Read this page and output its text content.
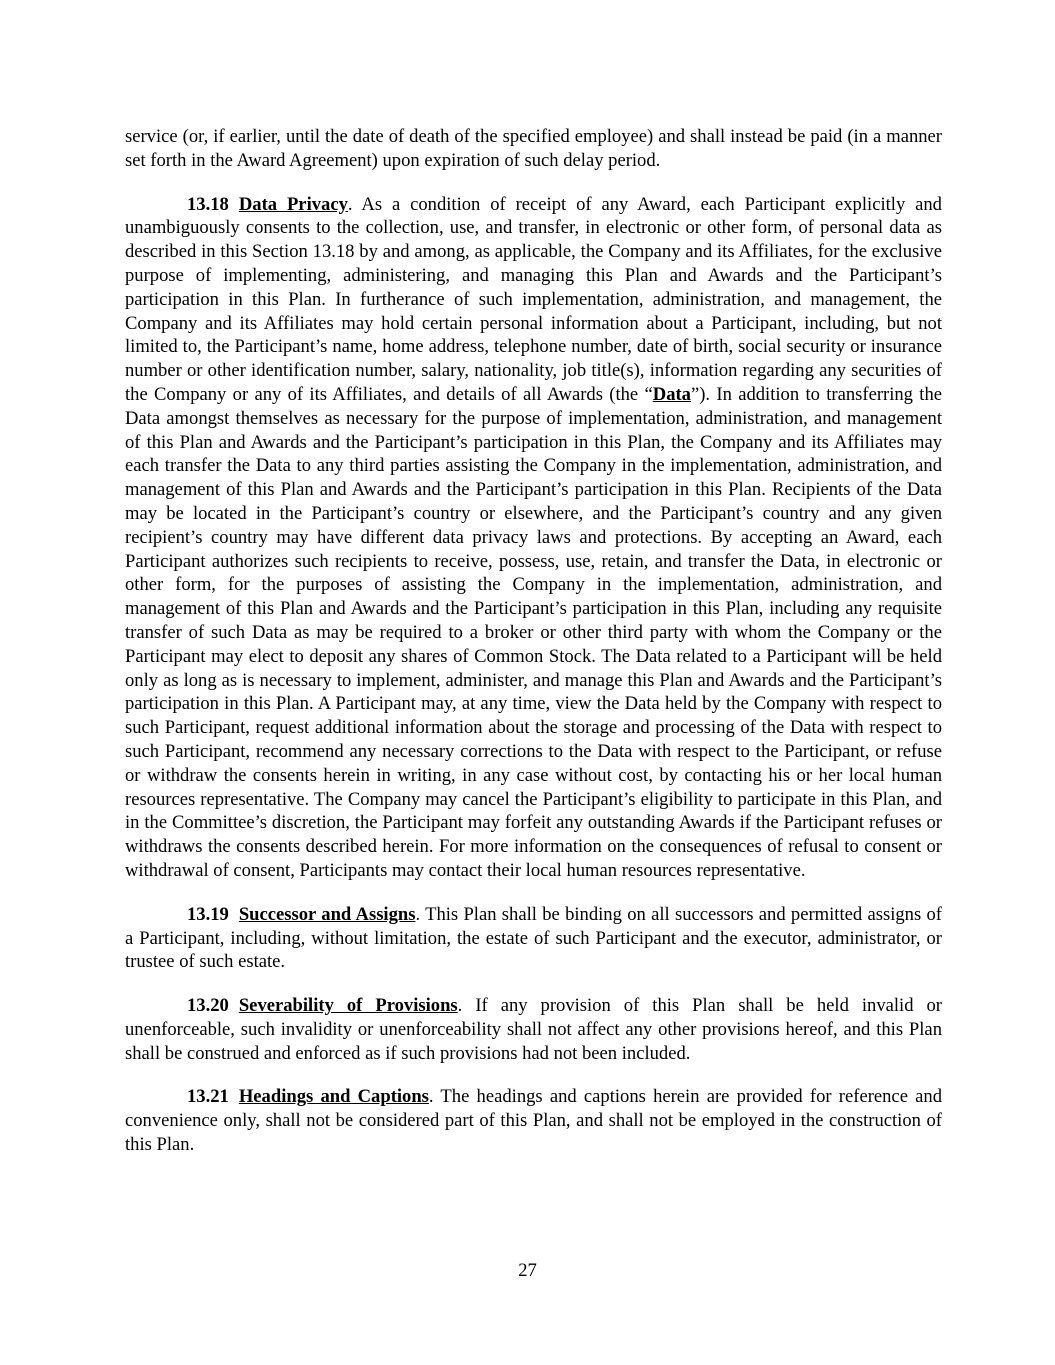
service (or, if earlier, until the date of death of the specified employee) and shall instead be paid (in a manner set forth in the Award Agreement) upon expiration of such delay period.

13.18 Data Privacy. As a condition of receipt of any Award, each Participant explicitly and unambiguously consents to the collection, use, and transfer, in electronic or other form, of personal data as described in this Section 13.18 by and among, as applicable, the Company and its Affiliates, for the exclusive purpose of implementing, administering, and managing this Plan and Awards and the Participant’s participation in this Plan. In furtherance of such implementation, administration, and management, the Company and its Affiliates may hold certain personal information about a Participant, including, but not limited to, the Participant’s name, home address, telephone number, date of birth, social security or insurance number or other identification number, salary, nationality, job title(s), information regarding any securities of the Company or any of its Affiliates, and details of all Awards (the “Data”). In addition to transferring the Data amongst themselves as necessary for the purpose of implementation, administration, and management of this Plan and Awards and the Participant’s participation in this Plan, the Company and its Affiliates may each transfer the Data to any third parties assisting the Company in the implementation, administration, and management of this Plan and Awards and the Participant’s participation in this Plan. Recipients of the Data may be located in the Participant’s country or elsewhere, and the Participant’s country and any given recipient’s country may have different data privacy laws and protections. By accepting an Award, each Participant authorizes such recipients to receive, possess, use, retain, and transfer the Data, in electronic or other form, for the purposes of assisting the Company in the implementation, administration, and management of this Plan and Awards and the Participant’s participation in this Plan, including any requisite transfer of such Data as may be required to a broker or other third party with whom the Company or the Participant may elect to deposit any shares of Common Stock. The Data related to a Participant will be held only as long as is necessary to implement, administer, and manage this Plan and Awards and the Participant’s participation in this Plan. A Participant may, at any time, view the Data held by the Company with respect to such Participant, request additional information about the storage and processing of the Data with respect to such Participant, recommend any necessary corrections to the Data with respect to the Participant, or refuse or withdraw the consents herein in writing, in any case without cost, by contacting his or her local human resources representative. The Company may cancel the Participant’s eligibility to participate in this Plan, and in the Committee’s discretion, the Participant may forfeit any outstanding Awards if the Participant refuses or withdraws the consents described herein. For more information on the consequences of refusal to consent or withdrawal of consent, Participants may contact their local human resources representative.

13.19 Successor and Assigns. This Plan shall be binding on all successors and permitted assigns of a Participant, including, without limitation, the estate of such Participant and the executor, administrator, or trustee of such estate.

13.20 Severability of Provisions. If any provision of this Plan shall be held invalid or unenforceable, such invalidity or unenforceability shall not affect any other provisions hereof, and this Plan shall be construed and enforced as if such provisions had not been included.

13.21 Headings and Captions. The headings and captions herein are provided for reference and convenience only, shall not be considered part of this Plan, and shall not be employed in the construction of this Plan.

27
